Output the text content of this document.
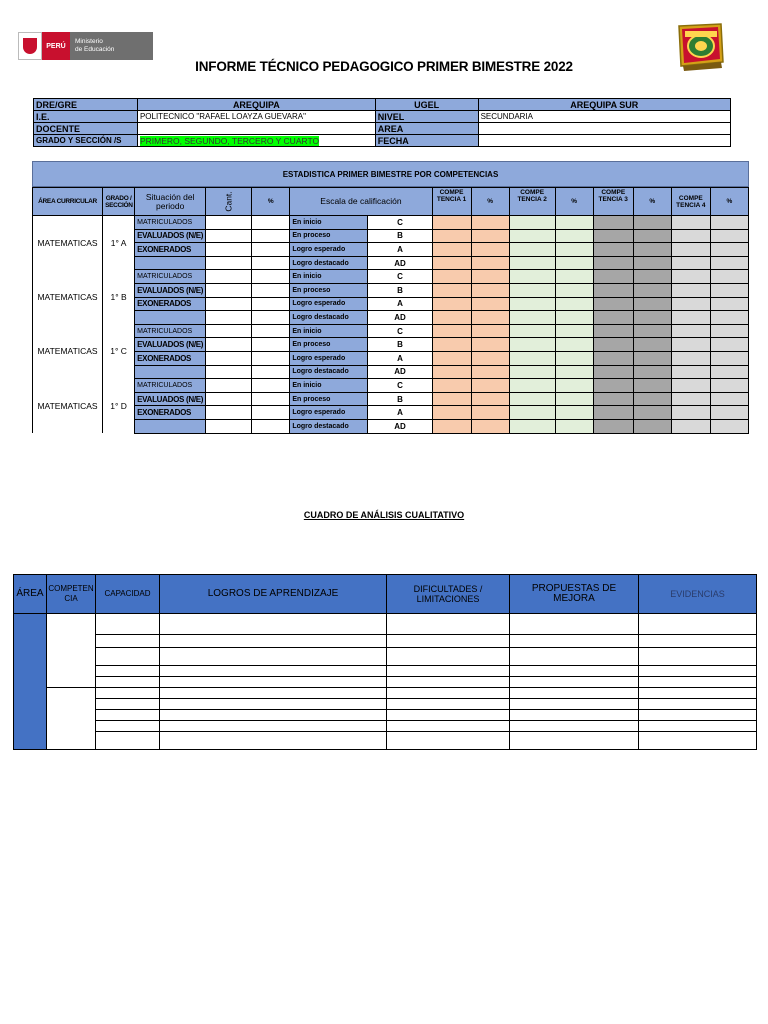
PERÚ
Ministerio
de Educación
INFORME TÉCNICO PEDAGOGICO PRIMER BIMESTRE 2022
DRE/GRE	AREQUIPA	UGEL	AREQUIPA SUR
I.E.	POLITECNICO "RAFAEL LOAYZA GUEVARA"	NIVEL	SECUNDARIA
DOCENTE		AREA	
GRADO Y SECCIÓN /S	PRIMERO, SEGUNDO, TERCERO Y CUARTO	FECHA	
ESTADISTICA PRIMER BIMESTRE POR COMPETENCIAS
ÁREA CURRICULAR	GRADO / SECCIÓN	Situación del periodo	Cant.	%	Escala de calificación		COMPE TENCIA 1	%	COMPE TENCIA 2	%	COMPE TENCIA 3	%	COMPE TENCIA 4	%
MATEMATICAS	1° A	MATRICULADOS			En inicio	C								
		EVALUADOS (N/E)			En proceso	B								
		EXONERADOS			Logro esperado	A								
					Logro destacado	AD								
MATEMATICAS	1° B	MATRICULADOS			En inicio	C								
		EVALUADOS (N/E)			En proceso	B								
		EXONERADOS			Logro esperado	A								
					Logro destacado	AD								
MATEMATICAS	1° C	MATRICULADOS			En inicio	C								
		EVALUADOS (N/E)			En proceso	B								
		EXONERADOS			Logro esperado	A								
					Logro destacado	AD								
MATEMATICAS	1° D	MATRICULADOS			En inicio	C								
		EVALUADOS (N/E)			En proceso	B								
		EXONERADOS			Logro esperado	A								
					Logro destacado	AD								
CUADRO DE ANÁLISIS CUALITATIVO
ÁREA	COMPETEN CIA	CAPACIDAD	LOGROS DE APRENDIZAJE	DIFICULTADES / LIMITACIONES	PROPUESTAS DE MEJORA	EVIDENCIAS
